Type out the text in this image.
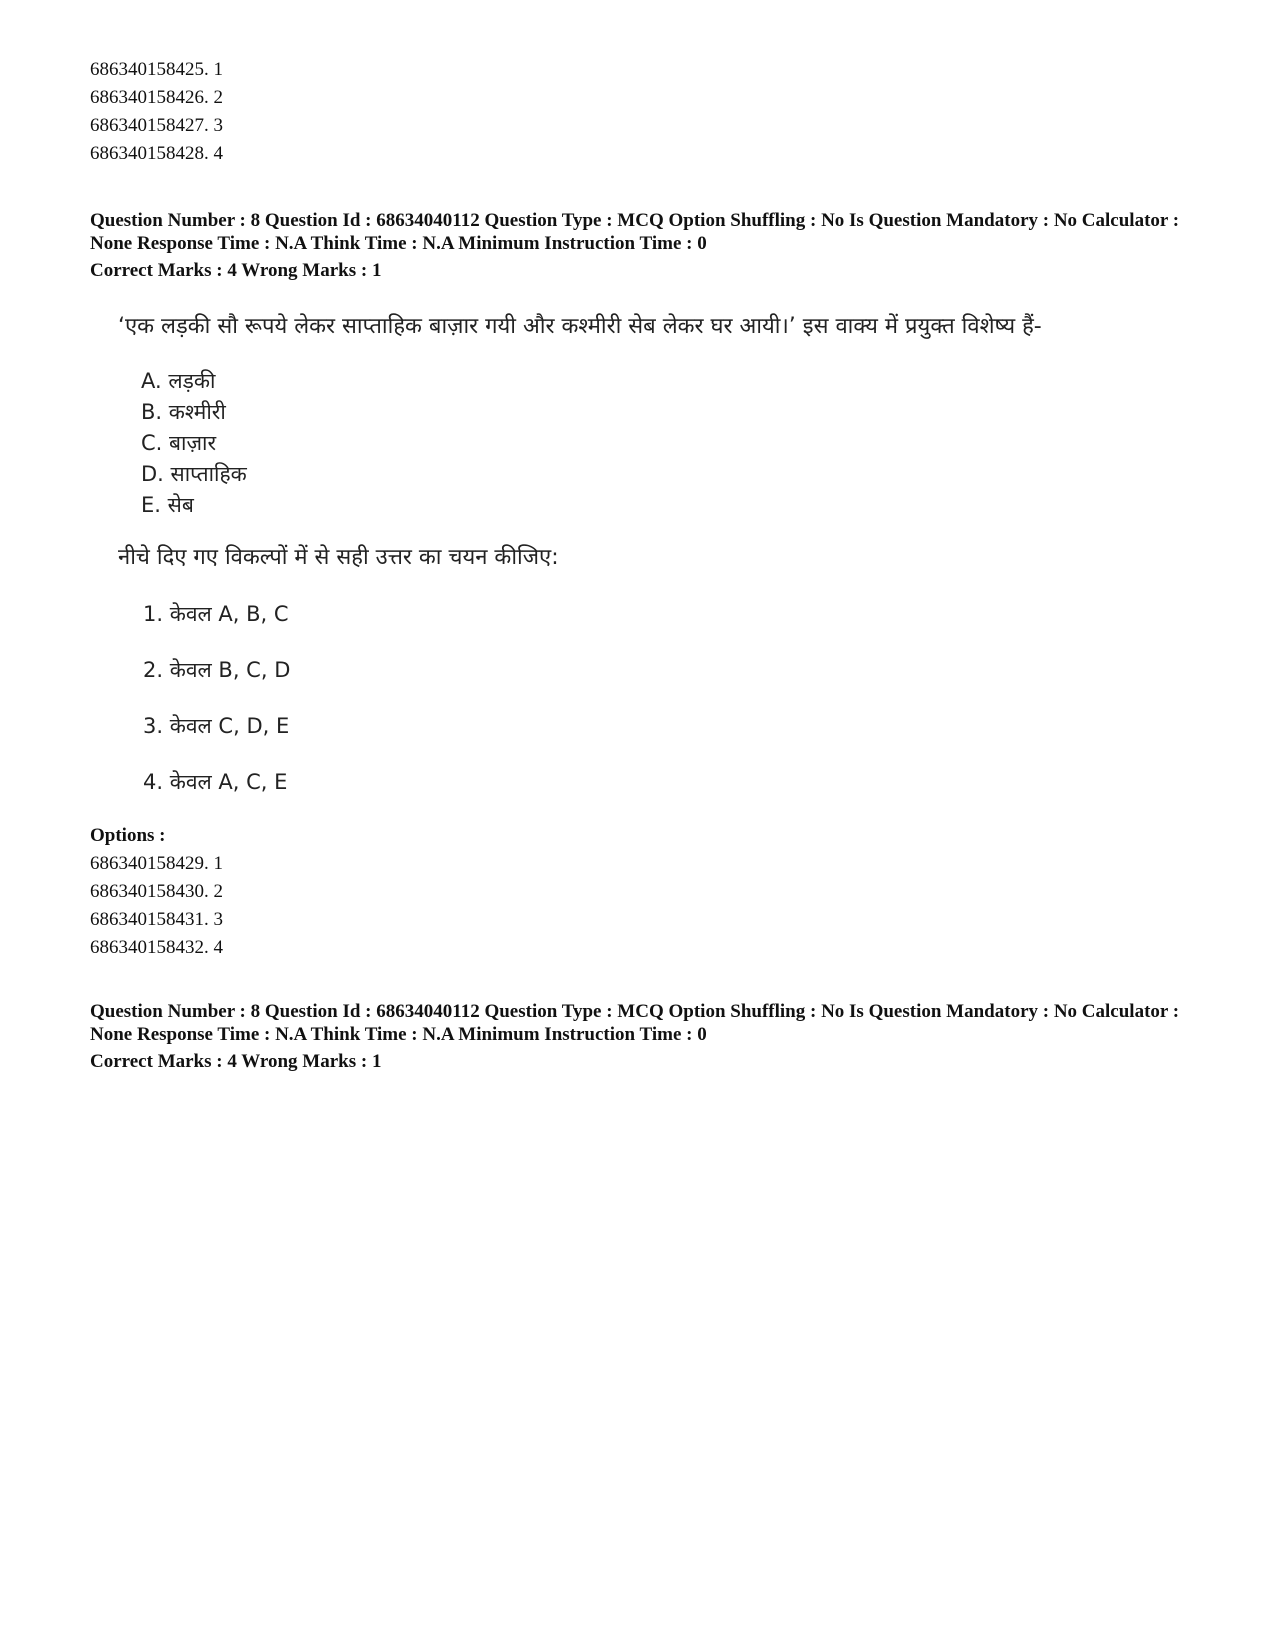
686340158425. 1
686340158426. 2
686340158427. 3
686340158428. 4
Question Number : 8 Question Id : 68634040112 Question Type : MCQ Option Shuffling : No Is Question Mandatory : No Calculator : None Response Time : N.A Think Time : N.A Minimum Instruction Time : 0
Correct Marks : 4 Wrong Marks : 1
‘एक लड़की सौ रूपये लेकर साप्ताहिक बाज़ार गयी और कश्मीरी सेब लेकर घर आयी।’ इस वाक्य में प्रयुक्त विशेष्य हैं-
A. लड़की
B. कश्मीरी
C. बाज़ार
D. साप्ताहिक
E. सेब
नीचे दिए गए विकल्पों में से सही उत्तर का चयन कीजिए:
1. केवल A, B, C
2. केवल B, C, D
3. केवल C, D, E
4. केवल A, C, E
Options :
686340158429. 1
686340158430. 2
686340158431. 3
686340158432. 4
Question Number : 8 Question Id : 68634040112 Question Type : MCQ Option Shuffling : No Is Question Mandatory : No Calculator : None Response Time : N.A Think Time : N.A Minimum Instruction Time : 0
Correct Marks : 4 Wrong Marks : 1
